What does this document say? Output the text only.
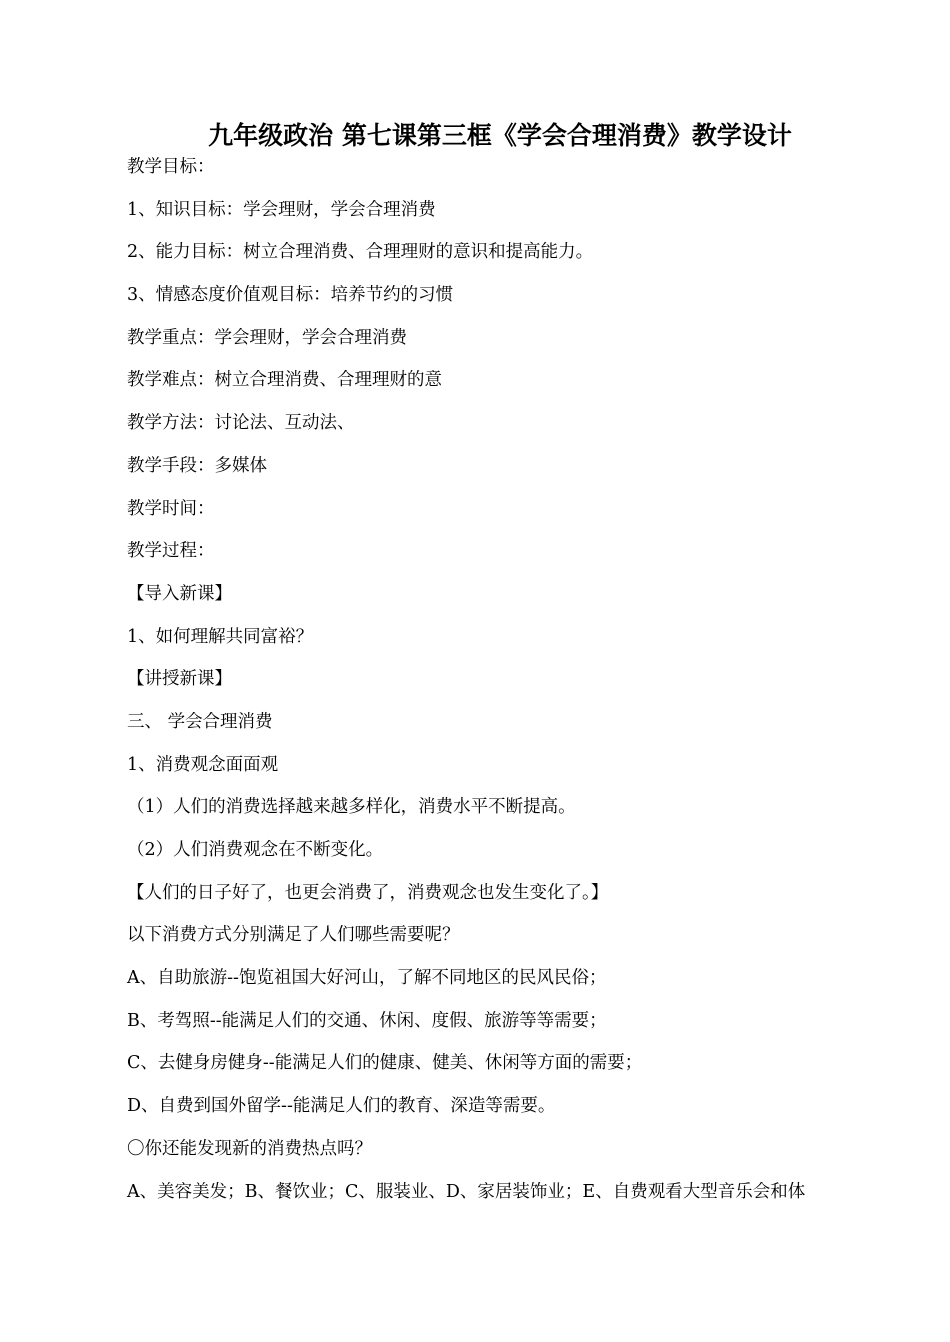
九年级政治 第七课第三框《学会合理消费》教学设计
教学目标：
1、知识目标：学会理财，学会合理消费
2、能力目标：树立合理消费、合理理财的意识和提高能力。
3、情感态度价值观目标：培养节约的习惯
教学重点：学会理财，学会合理消费
教学难点：树立合理消费、合理理财的意
教学方法：讨论法、互动法、
教学手段：多媒体
教学时间：
教学过程：
【导入新课】
1、如何理解共同富裕？
【讲授新课】
三、 学会合理消费
1、消费观念面面观
（1）人们的消费选择越来越多样化，消费水平不断提高。
（2）人们消费观念在不断变化。
【人们的日子好了，也更会消费了，消费观念也发生变化了。】
以下消费方式分别满足了人们哪些需要呢？
A、自助旅游--饱览祖国大好河山，了解不同地区的民风民俗；
B、考驾照--能满足人们的交通、休闲、度假、旅游等等需要；
C、去健身房健身--能满足人们的健康、健美、休闲等方面的需要；
D、自费到国外留学--能满足人们的教育、深造等需要。
〇你还能发现新的消费热点吗？
A、美容美发；B、餐饮业；C、服装业、D、家居装饰业；E、自费观看大型音乐会和体
